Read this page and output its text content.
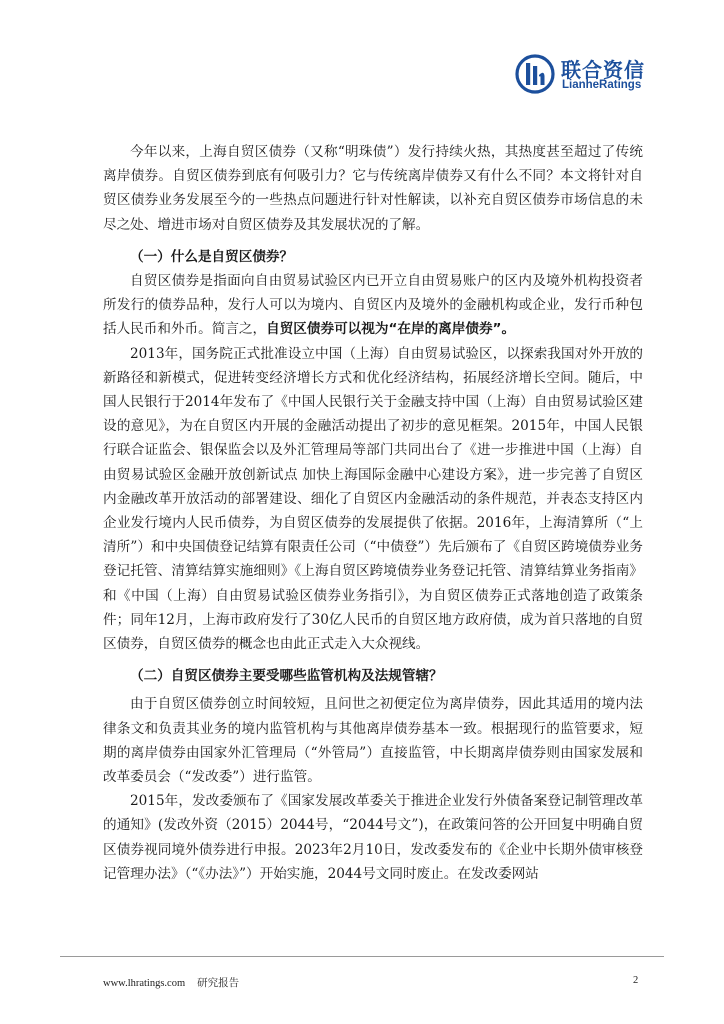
联合资信
LianheRatings

今年以来，上海自贸区债券（又称“明珠债”）发行持续火热，其热度甚至超过了传统离岸债券。自贸区债券到底有何吸引力？它与传统离岸债券又有什么不同？本文将针对自贸区债券业务发展至今的一些热点问题进行针对性解读，以补充自贸区债券市场信息的未尽之处、增进市场对自贸区债券及其发展状况的了解。

（一）什么是自贸区债券？

自贸区债券是指面向自由贸易试验区内已开立自由贸易账户的区内及境外机构投资者所发行的债券品种，发行人可以为境内、自贸区内及境外的金融机构或企业，发行币种包括人民币和外币。简言之，自贸区债券可以视为“在岸的离岸债券”。

2013年，国务院正式批准设立中国（上海）自由贸易试验区，以探索我国对外开放的新路径和新模式，促进转变经济增长方式和优化经济结构，拓展经济增长空间。随后，中国人民银行于2014年发布了《中国人民银行关于金融支持中国（上海）自由贸易试验区建设的意见》，为在自贸区内开展的金融活动提出了初步的意见框架。2015年，中国人民银行联合证监会、银保监会以及外汇管理局等部门共同出台了《进一步推进中国（上海）自由贸易试验区金融开放创新试点 加快上海国际金融中心建设方案》，进一步完善了自贸区内金融改革开放活动的部署建设、细化了自贸区内金融活动的条件规范，并表态支持区内企业发行境内人民币债券，为自贸区债券的发展提供了依据。2016年，上海清算所（“上清所”）和中央国债登记结算有限责任公司（“中债登”）先后颁布了《自贸区跨境债券业务登记托管、清算结算实施细则》《上海自贸区跨境债券业务登记托管、清算结算业务指南》和《中国（上海）自由贸易试验区债券业务指引》，为自贸区债券正式落地创造了政策条件；同年12月，上海市政府发行了30亿人民币的自贸区地方政府债，成为首只落地的自贸区债券，自贸区债券的概念也由此正式走入大众视线。

（二）自贸区债券主要受哪些监管机构及法规管辖？

由于自贸区债券创立时间较短，且问世之初便定位为离岸债券，因此其适用的境内法律条文和负责其业务的境内监管机构与其他离岸债券基本一致。根据现行的监管要求，短期的离岸债券由国家外汇管理局（“外管局”）直接监管，中长期离岸债券则由国家发展和改革委员会（“发改委”）进行监管。

2015年，发改委颁布了《国家发展改革委关于推进企业发行外债备案登记制管理改革的通知》(发改外资（2015）2044号，“2044号文”)，在政策问答的公开回复中明确自贸区债券视同境外债券进行申报。2023年2月10日，发改委发布的《企业中长期外债审核登记管理办法》（“《办法》”）开始实施，2044号文同时废止。在发改委网站

www.lhratings.com 研究报告	2
